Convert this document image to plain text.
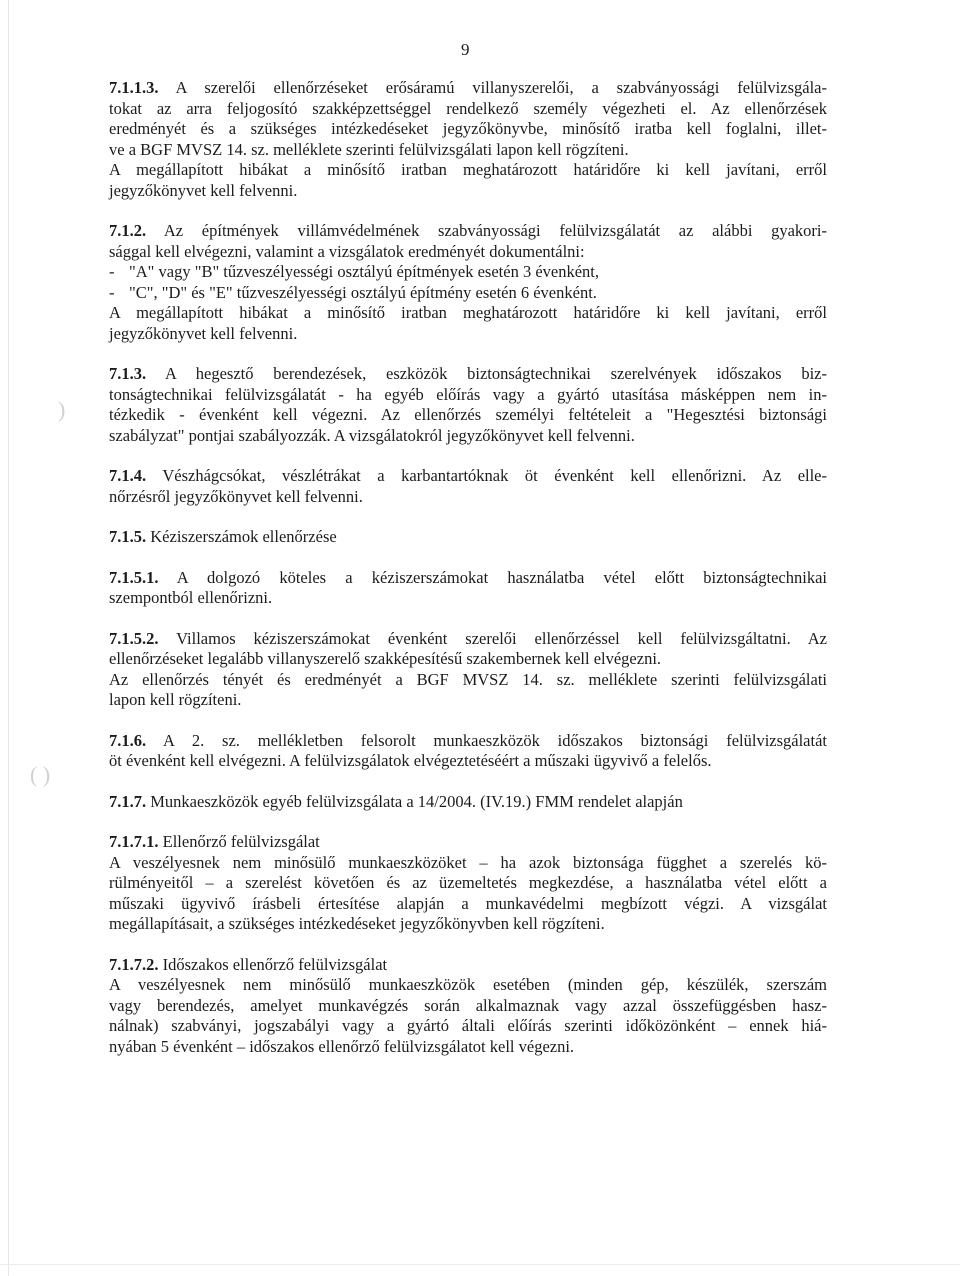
)
( )
9
7.1.1.3. A szerelői ellenőrzéseket erősáramú villanyszerelői, a szabványossági felülvizsgála-
tokat az arra feljogosító szakképzettséggel rendelkező személy végezheti el. Az ellenőrzések
eredményét és a szükséges intézkedéseket jegyzőkönyvbe, minősítő iratba kell foglalni, illet-
ve a BGF MVSZ 14. sz. melléklete szerinti felülvizsgálati lapon kell rögzíteni.
A megállapított hibákat a minősítő iratban meghatározott határidőre ki kell javítani, erről
jegyzőkönyvet kell felvenni.
7.1.2. Az építmények villámvédelmének szabványossági felülvizsgálatát az alábbi gyakori-
sággal kell elvégezni, valamint a vizsgálatok eredményét dokumentálni:
- "A" vagy "B" tűzveszélyességi osztályú építmények esetén 3 évenként,
- "C", "D" és "E" tűzveszélyességi osztályú építmény esetén 6 évenként.
A megállapított hibákat a minősítő iratban meghatározott határidőre ki kell javítani, erről
jegyzőkönyvet kell felvenni.
7.1.3. A hegesztő berendezések, eszközök biztonságtechnikai szerelvények időszakos biz-
tonságtechnikai felülvizsgálatát - ha egyéb előírás vagy a gyártó utasítása másképpen nem in-
tézkedik - évenként kell végezni. Az ellenőrzés személyi feltételeit a "Hegesztési biztonsági
szabályzat" pontjai szabályozzák. A vizsgálatokról jegyzőkönyvet kell felvenni.
7.1.4. Vészhágcsókat, vészlétrákat a karbantartóknak öt évenként kell ellenőrizni. Az elle-
nőrzésről jegyzőkönyvet kell felvenni.
7.1.5. Kéziszerszámok ellenőrzése
7.1.5.1. A dolgozó köteles a kéziszerszámokat használatba vétel előtt biztonságtechnikai
szempontból ellenőrizni.
7.1.5.2. Villamos kéziszerszámokat évenként szerelői ellenőrzéssel kell felülvizsgáltatni. Az
ellenőrzéseket legalább villanyszerelő szakképesítésű szakembernek kell elvégezni.
Az ellenőrzés tényét és eredményét a BGF MVSZ 14. sz. melléklete szerinti felülvizsgálati
lapon kell rögzíteni.
7.1.6. A 2. sz. mellékletben felsorolt munkaeszközök időszakos biztonsági felülvizsgálatát
öt évenként kell elvégezni. A felülvizsgálatok elvégeztetéséért a műszaki ügyvivő a felelős.
7.1.7. Munkaeszközök egyéb felülvizsgálata a 14/2004. (IV.19.) FMM rendelet alapján
7.1.7.1. Ellenőrző felülvizsgálat
A veszélyesnek nem minősülő munkaeszközöket – ha azok biztonsága függhet a szerelés kö-
rülményeitől – a szerelést követően és az üzemeltetés megkezdése, a használatba vétel előtt a
műszaki ügyvivő írásbeli értesítése alapján a munkavédelmi megbízott végzi. A vizsgálat
megállapításait, a szükséges intézkedéseket jegyzőkönyvben kell rögzíteni.
7.1.7.2. Időszakos ellenőrző felülvizsgálat
A veszélyesnek nem minősülő munkaeszközök esetében (minden gép, készülék, szerszám
vagy berendezés, amelyet munkavégzés során alkalmaznak vagy azzal összefüggésben hasz-
nálnak) szabványi, jogszabályi vagy a gyártó általi előírás szerinti időközönként – ennek hiá-
nyában 5 évenként – időszakos ellenőrző felülvizsgálatot kell végezni.
